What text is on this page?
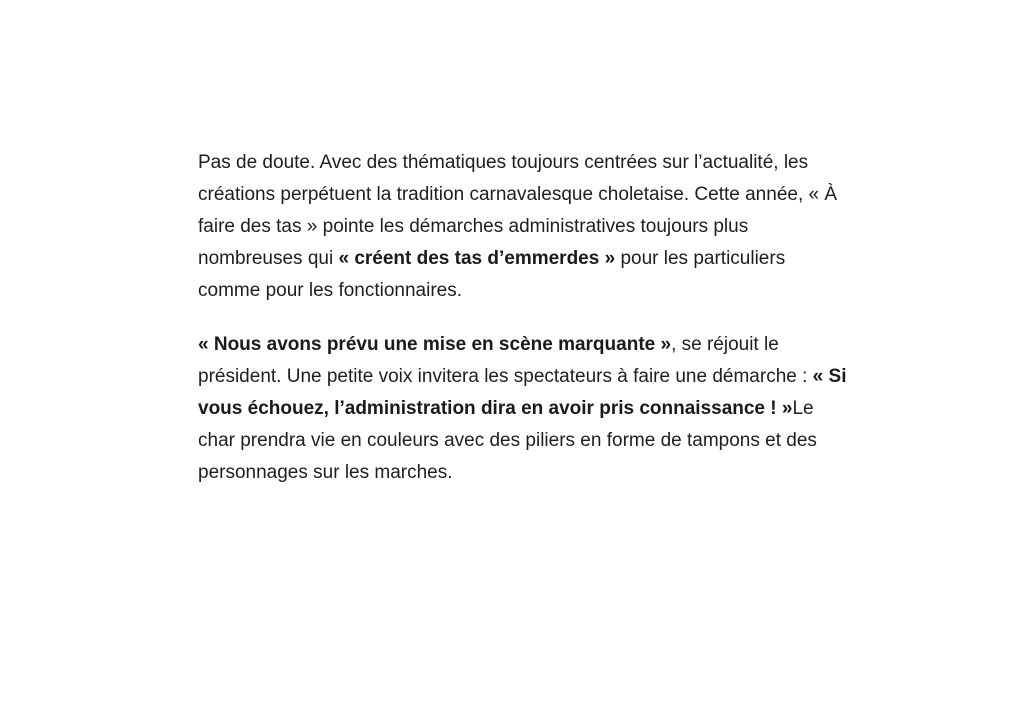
Pas de doute. Avec des thématiques toujours centrées sur l’actualité, les
créations perpétuent la tradition carnavalesque choletaise. Cette année, « À
faire des tas » pointe les démarches administratives toujours plus
nombreuses qui « créent des tas d’emmerdes » pour les particuliers
comme pour les fonctionnaires.

« Nous avons prévu une mise en scène marquante », se réjouit le
président. Une petite voix invitera les spectateurs à faire une démarche : « Si
vous échouez, l’administration dira en avoir pris connaissance ! »Le
char prendra vie en couleurs avec des piliers en forme de tampons et des
personnages sur les marches.
